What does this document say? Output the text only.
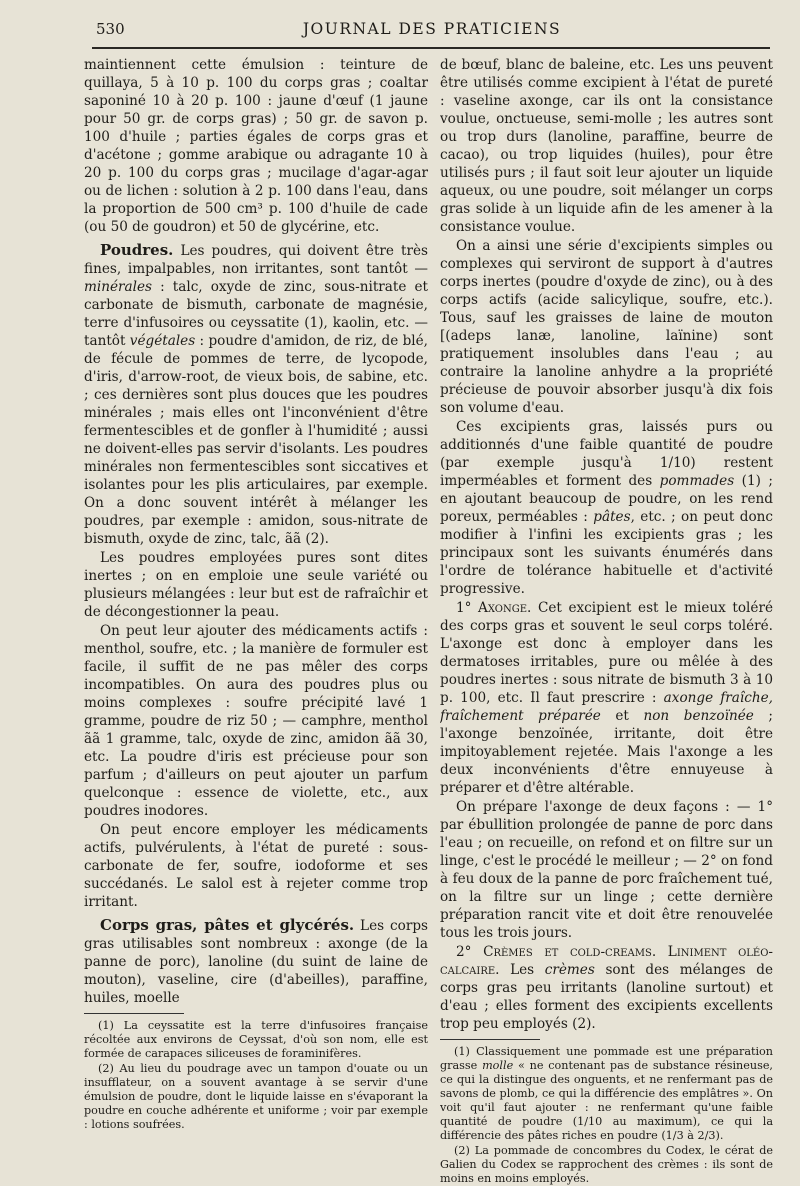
530	JOURNAL DES PRATICIENS

maintiennent cette émulsion : teinture de quillaya, 5 à 10 p. 100 du corps gras ; coaltar saponiné 10 à 20 p. 100 : jaune d'œuf (1 jaune pour 50 gr. de corps gras) ; 50 gr. de savon p. 100 d'huile ; parties égales de corps gras et d'acétone ; gomme arabique ou adragante 10 à 20 p. 100 du corps gras ; mucilage d'agar-agar ou de lichen : solution à 2 p. 100 dans l'eau, dans la proportion de 500 cm³ p. 100 d'huile de cade (ou 50 de goudron) et 50 de glycérine, etc.

Poudres. Les poudres, qui doivent être très fines, impalpables, non irritantes, sont tantôt — minérales : talc, oxyde de zinc, sous-nitrate et carbonate de bismuth, carbonate de magnésie, terre d'infusoires ou ceyssatite (1), kaolin, etc. — tantôt végétales : poudre d'amidon, de riz, de blé, de fécule de pommes de terre, de lycopode, d'iris, d'arrow-root, de vieux bois, de sabine, etc. ; ces dernières sont plus douces que les poudres minérales ; mais elles ont l'inconvénient d'être fermentescibles et de gonfler à l'humidité ; aussi ne doivent-elles pas servir d'isolants. Les poudres minérales non fermentescibles sont siccatives et isolantes pour les plis articulaires, par exemple. On a donc souvent intérêt à mélanger les poudres, par exemple : amidon, sous-nitrate de bismuth, oxyde de zinc, talc, ãã (2).

Les poudres employées pures sont dites inertes ; on en emploie une seule variété ou plusieurs mélangées : leur but est de rafraîchir et de décongestionner la peau.

On peut leur ajouter des médicaments actifs : menthol, soufre, etc. ; la manière de formuler est facile, il suffit de ne pas mêler des corps incompatibles. On aura des poudres plus ou moins complexes : soufre précipité lavé 1 gramme, poudre de riz 50 ; — camphre, menthol ãã 1 gramme, talc, oxyde de zinc, amidon ãã 30, etc. La poudre d'iris est précieuse pour son parfum ; d'ailleurs on peut ajouter un parfum quelconque : essence de violette, etc., aux poudres inodores.

On peut encore employer les médicaments actifs, pulvérulents, à l'état de pureté : sous-carbonate de fer, soufre, iodoforme et ses succédanés. Le salol est à rejeter comme trop irritant.

Corps gras, pâtes et glycérés. Les corps gras utilisables sont nombreux : axonge (de la panne de porc), lanoline (du suint de laine de mouton), vaseline, cire (d'abeilles), paraffine, huiles, moelle

(1) La ceyssatite est la terre d'infusoires française récoltée aux environs de Ceyssat, d'où son nom, elle est formée de carapaces siliceuses de foraminifères.

(2) Au lieu du poudrage avec un tampon d'ouate ou un insufflateur, on a souvent avantage à se servir d'une émulsion de poudre, dont le liquide laisse en s'évaporant la poudre en couche adhérente et uniforme ; voir par exemple : lotions soufrées.

de bœuf, blanc de baleine, etc. Les uns peuvent être utilisés comme excipient à l'état de pureté : vaseline axonge, car ils ont la consistance voulue, onctueuse, semi-molle ; les autres sont ou trop durs (lanoline, paraffine, beurre de cacao), ou trop liquides (huiles), pour être utilisés purs ; il faut soit leur ajouter un liquide aqueux, ou une poudre, soit mélanger un corps gras solide à un liquide afin de les amener à la consistance voulue.

On a ainsi une série d'excipients simples ou complexes qui serviront de support à d'autres corps inertes (poudre d'oxyde de zinc), ou à des corps actifs (acide salicylique, soufre, etc.). Tous, sauf les graisses de laine de mouton [(adeps lanæ, lanoline, laïnine) sont pratiquement insolubles dans l'eau ; au contraire la lanoline anhydre a la propriété précieuse de pouvoir absorber jusqu'à dix fois son volume d'eau.

Ces excipients gras, laissés purs ou additionnés d'une faible quantité de poudre (par exemple jusqu'à 1/10) restent imperméables et forment des pommades (1) ; en ajoutant beaucoup de poudre, on les rend poreux, perméables : pâtes, etc. ; on peut donc modifier à l'infini les excipients gras ; les principaux sont les suivants énumérés dans l'ordre de tolérance habituelle et d'activité progressive.

1° Axonge. Cet excipient est le mieux toléré des corps gras et souvent le seul corps toléré. L'axonge est donc à employer dans les dermatoses irritables, pure ou mêlée à des poudres inertes : sous nitrate de bismuth 3 à 10 p. 100, etc. Il faut prescrire : axonge fraîche, fraîchement préparée et non benzoïnée ; l'axonge benzoïnée, irritante, doit être impitoyablement rejetée. Mais l'axonge a les deux inconvénients d'être ennuyeuse à préparer et d'être altérable.

On prépare l'axonge de deux façons : — 1° par ébullition prolongée de panne de porc dans l'eau ; on recueille, on refond et on filtre sur un linge, c'est le procédé le meilleur ; — 2° on fond à feu doux de la panne de porc fraîchement tué, on la filtre sur un linge ; cette dernière préparation rancit vite et doit être renouvelée tous les trois jours.

2° Crèmes et cold-creams. Liniment oléo-calcaire. Les crèmes sont des mélanges de corps gras peu irritants (lanoline surtout) et d'eau ; elles forment des excipients excellents trop peu employés (2).

(1) Classiquement une pommade est une préparation grasse molle « ne contenant pas de substance résineuse, ce qui la distingue des onguents, et ne renfermant pas de savons de plomb, ce qui la différencie des emplâtres ». On voit qu'il faut ajouter : ne renfermant qu'une faible quantité de poudre (1/10 au maximum), ce qui la différencie des pâtes riches en poudre (1/3 à 2/3).

(2) La pommade de concombres du Codex, le cérat de Galien du Codex se rapprochent des crèmes : ils sont de moins en moins employés.
